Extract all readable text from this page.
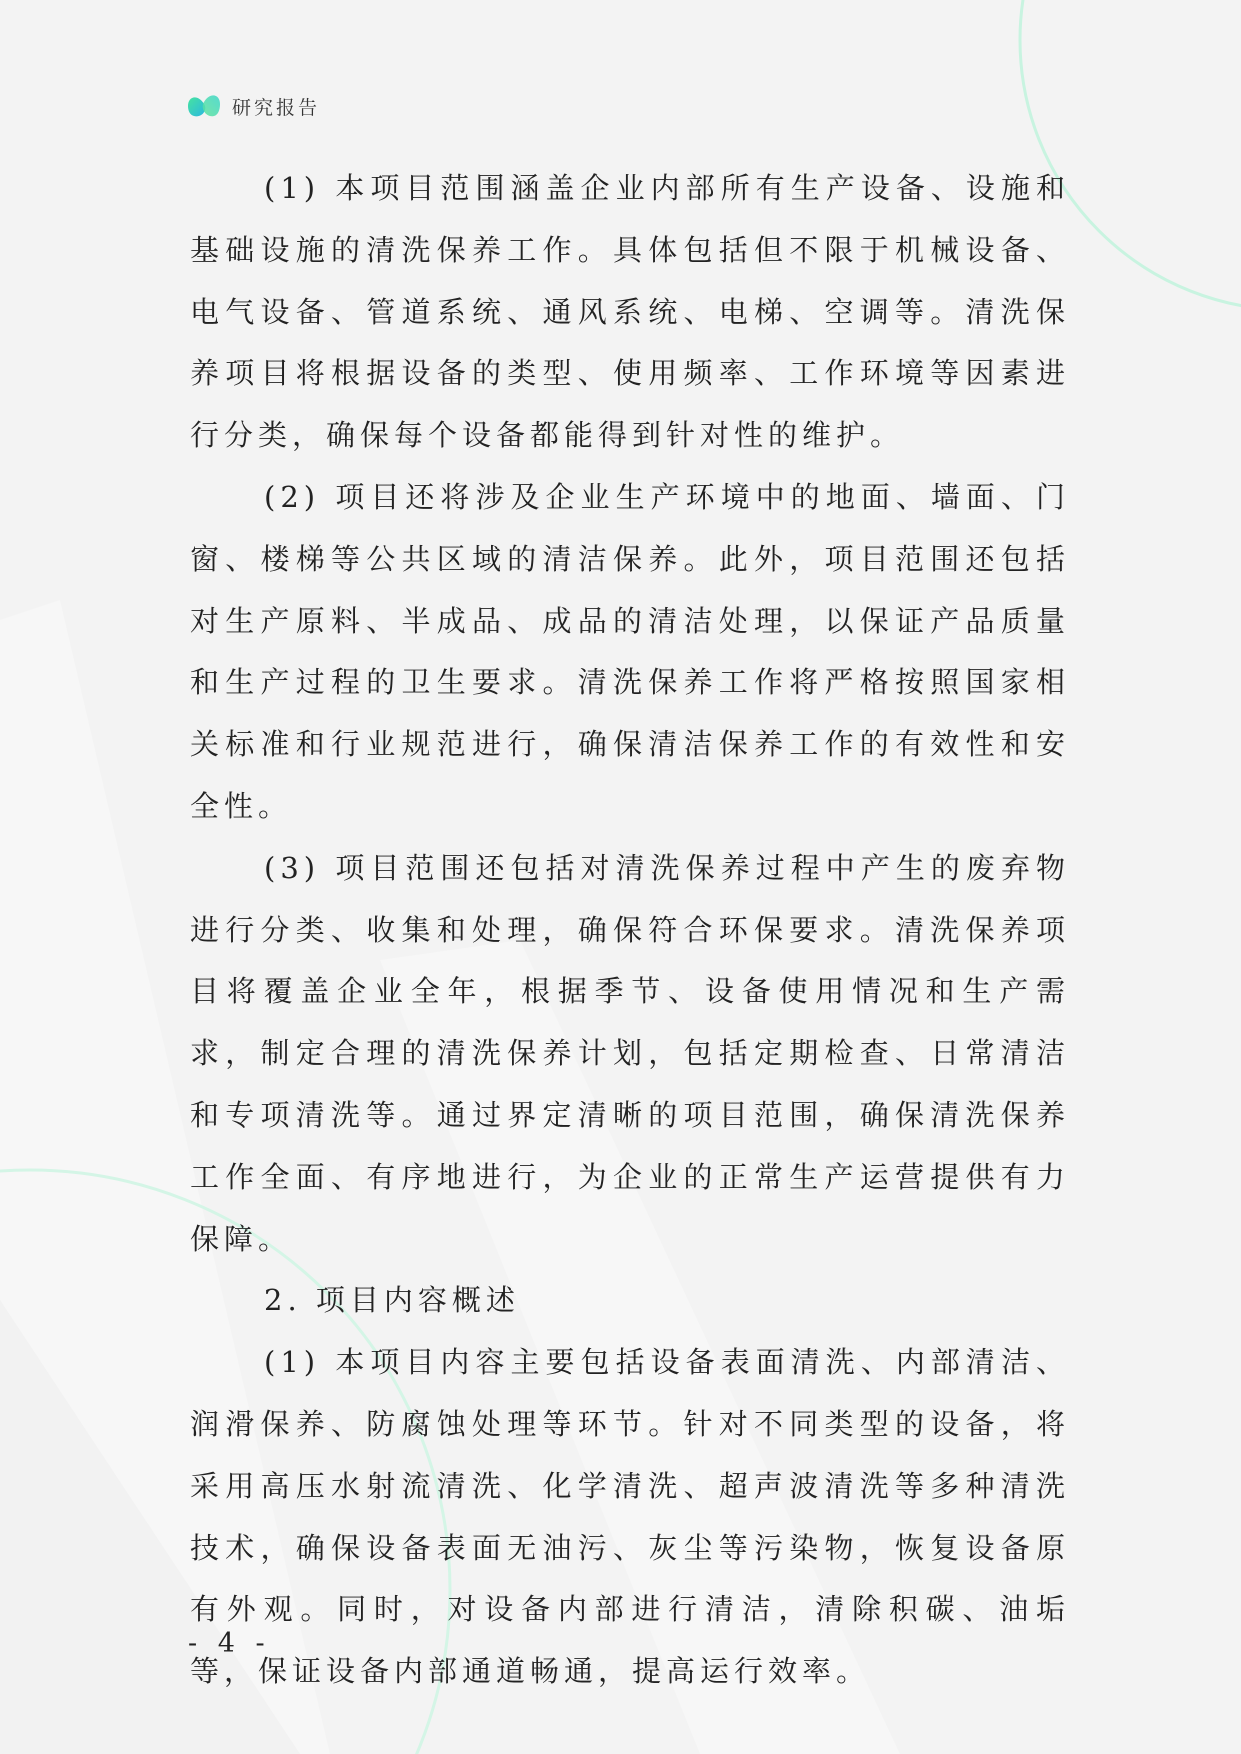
研究报告

(1) 本项目范围涵盖企业内部所有生产设备、设施和基础设施的清洗保养工作。具体包括但不限于机械设备、电气设备、管道系统、通风系统、电梯、空调等。清洗保养项目将根据设备的类型、使用频率、工作环境等因素进行分类，确保每个设备都能得到针对性的维护。

(2) 项目还将涉及企业生产环境中的地面、墙面、门窗、楼梯等公共区域的清洁保养。此外，项目范围还包括对生产原料、半成品、成品的清洁处理，以保证产品质量和生产过程的卫生要求。清洗保养工作将严格按照国家相关标准和行业规范进行，确保清洁保养工作的有效性和安全性。

(3) 项目范围还包括对清洗保养过程中产生的废弃物进行分类、收集和处理，确保符合环保要求。清洗保养项目将覆盖企业全年，根据季节、设备使用情况和生产需求，制定合理的清洗保养计划，包括定期检查、日常清洁和专项清洗等。通过界定清晰的项目范围，确保清洗保养工作全面、有序地进行，为企业的正常生产运营提供有力保障。

2. 项目内容概述

(1) 本项目内容主要包括设备表面清洗、内部清洁、润滑保养、防腐蚀处理等环节。针对不同类型的设备，将采用高压水射流清洗、化学清洗、超声波清洗等多种清洗技术，确保设备表面无油污、灰尘等污染物，恢复设备原有外观。同时，对设备内部进行清洁，清除积碳、油垢等，保证设备内部通道畅通，提高运行效率。

- 4 -
